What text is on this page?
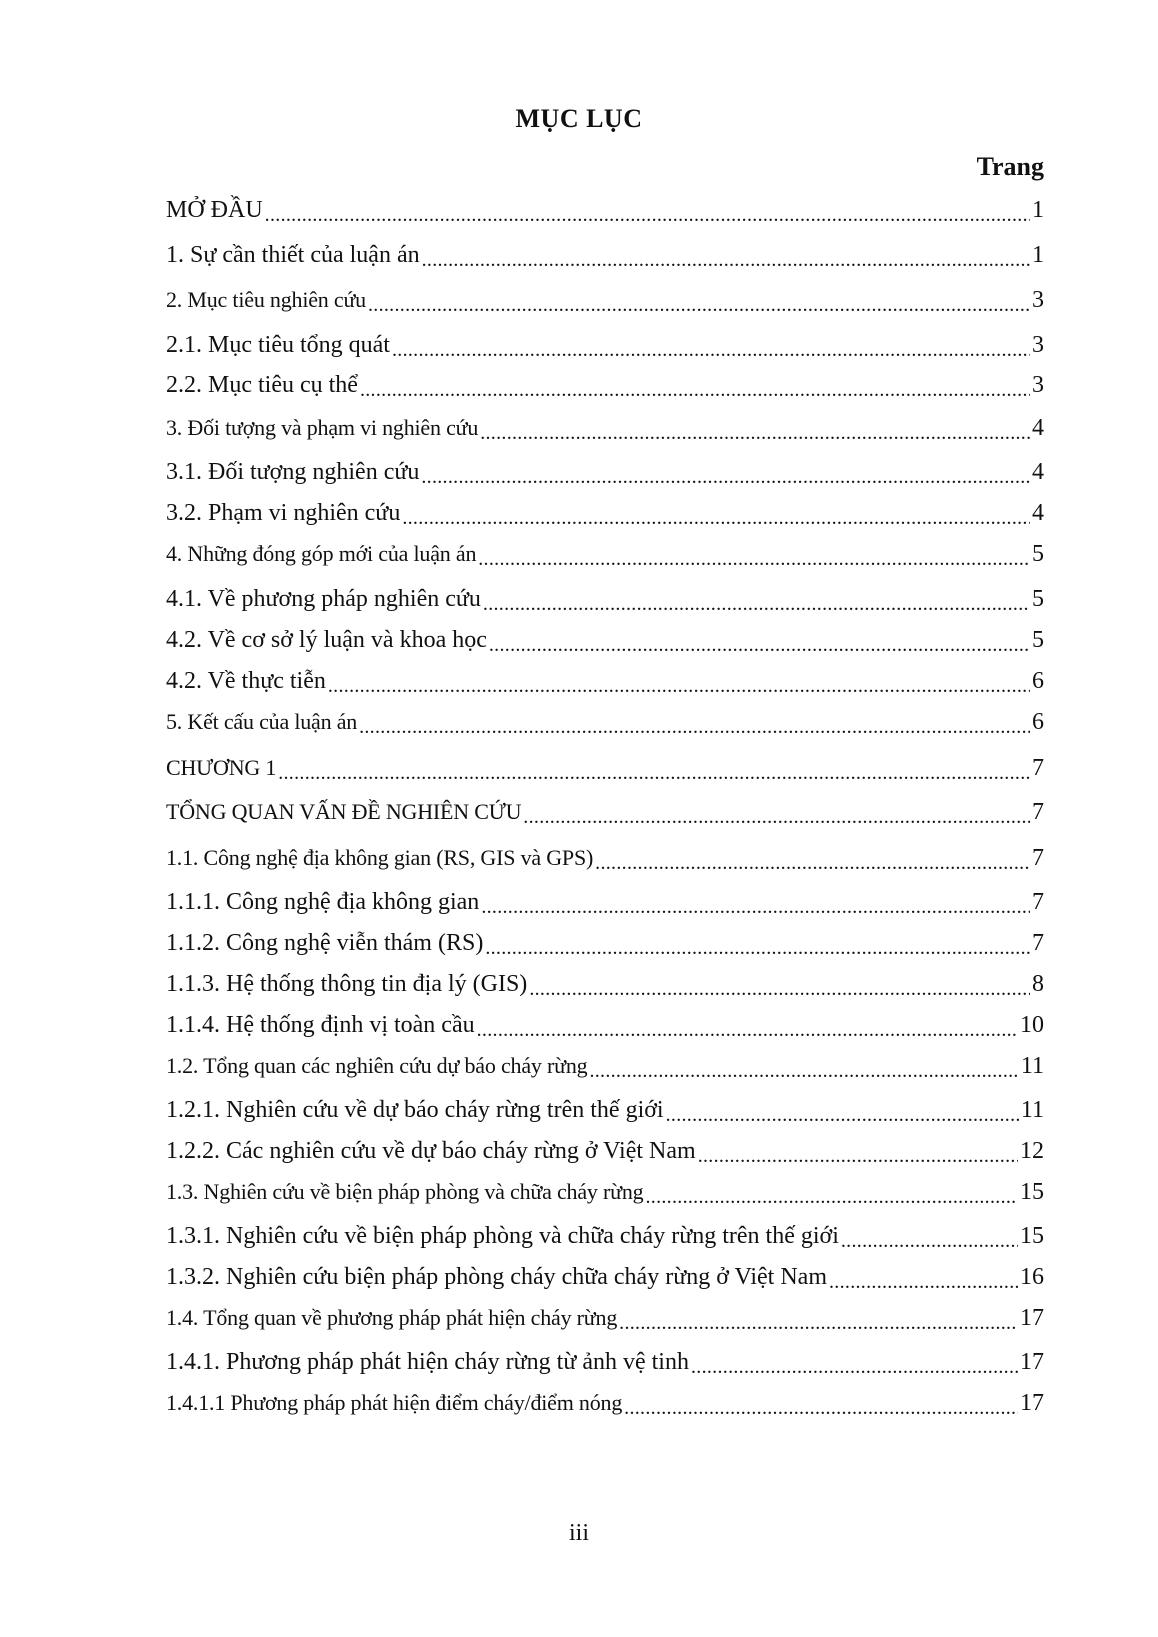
MỤC LỤC
Trang
MỞ ĐẦU .....	1
1. Sự cần thiết của luận án .....	1
2. Mục tiêu nghiên cứu .....	3
2.1. Mục tiêu tổng quát .....	3
2.2. Mục tiêu cụ thể .....	3
3. Đối tượng và phạm vi nghiên cứu .....	4
3.1. Đối tượng nghiên cứu .....	4
3.2. Phạm vi nghiên cứu .....	4
4. Những đóng góp mới của luận án .....	5
4.1. Về phương pháp nghiên cứu .....	5
4.2. Về cơ sở lý luận và khoa học .....	5
4.2. Về thực tiễn .....	6
5. Kết cấu của luận án .....	6
CHƯƠNG 1 .....	7
TỔNG QUAN VẤN ĐỀ NGHIÊN CỨU .....	7
1.1. Công nghệ địa không gian (RS, GIS và GPS) .....	7
1.1.1. Công nghệ địa không gian .....	7
1.1.2. Công nghệ viễn thám (RS) .....	7
1.1.3. Hệ thống thông tin địa lý (GIS) .....	8
1.1.4. Hệ thống định vị toàn cầu .....	10
1.2. Tổng quan các nghiên cứu dự báo cháy rừng .....	11
1.2.1. Nghiên cứu về dự báo cháy rừng trên thế giới .....	11
1.2.2. Các nghiên cứu về dự báo cháy rừng ở Việt Nam .....	12
1.3. Nghiên cứu về biện pháp phòng và chữa cháy rừng .....	15
1.3.1. Nghiên cứu về biện pháp phòng và chữa cháy rừng trên thế giới .....	15
1.3.2. Nghiên cứu biện pháp phòng cháy chữa cháy rừng ở Việt Nam .....	16
1.4. Tổng quan về phương pháp phát hiện cháy rừng .....	17
1.4.1. Phương pháp phát hiện cháy rừng từ ảnh vệ tinh .....	17
1.4.1.1 Phương pháp phát hiện điểm cháy/điểm nóng .....	17
iii
